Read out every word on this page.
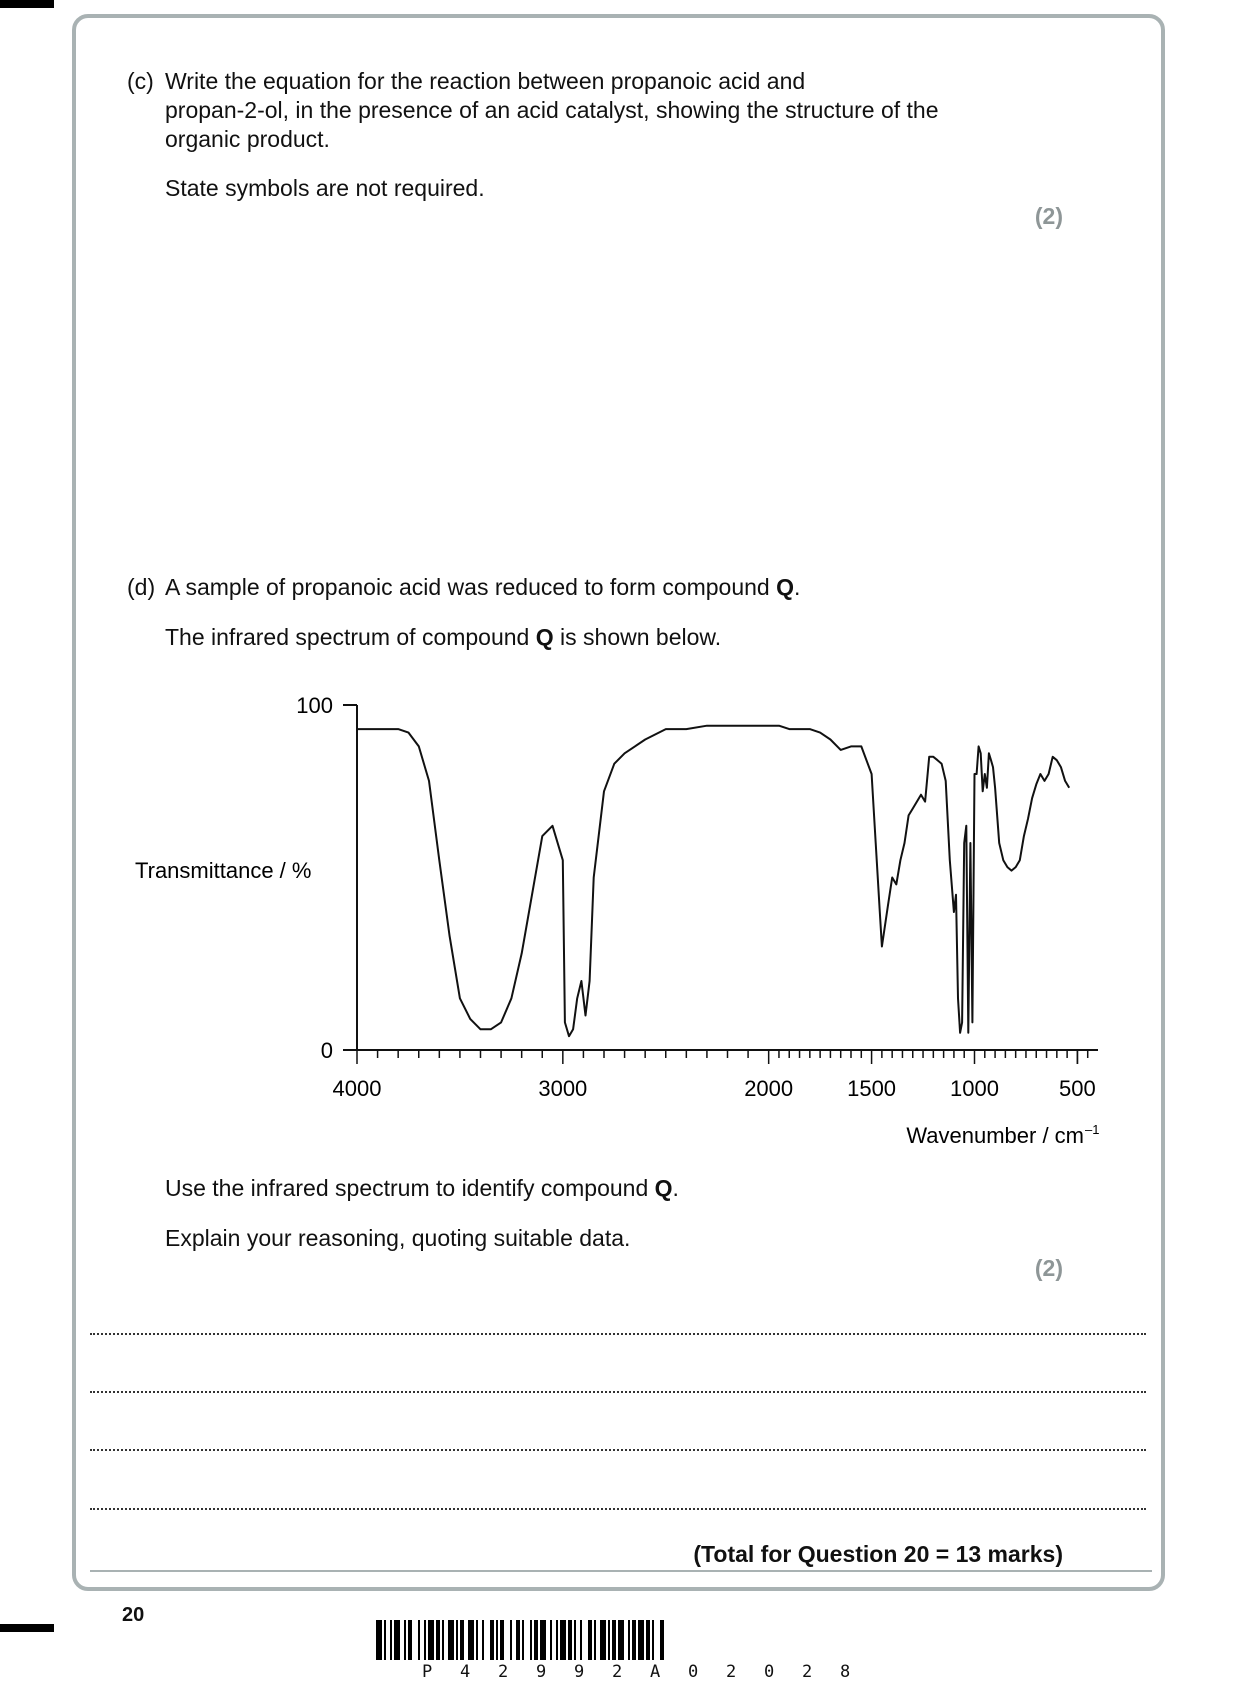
(c) Write the equation for the reaction between propanoic acid and
propan-2-ol, in the presence of an acid catalyst, showing the structure of the
organic product.
State symbols are not required.
(2)
(d) A sample of propanoic acid was reduced to form compound Q.
The infrared spectrum of compound Q is shown below.
100
0
4000	3000	2000 1500 1000	500
Transmittance / %
Wavenumber / cm –1
Use the infrared spectrum to identify compound Q.
Explain your reasoning, quoting suitable data.
(2)
(Total for Question 20 = 13 marks)
20
P 4 2 9 9 2 A 0 2 0 2 8
